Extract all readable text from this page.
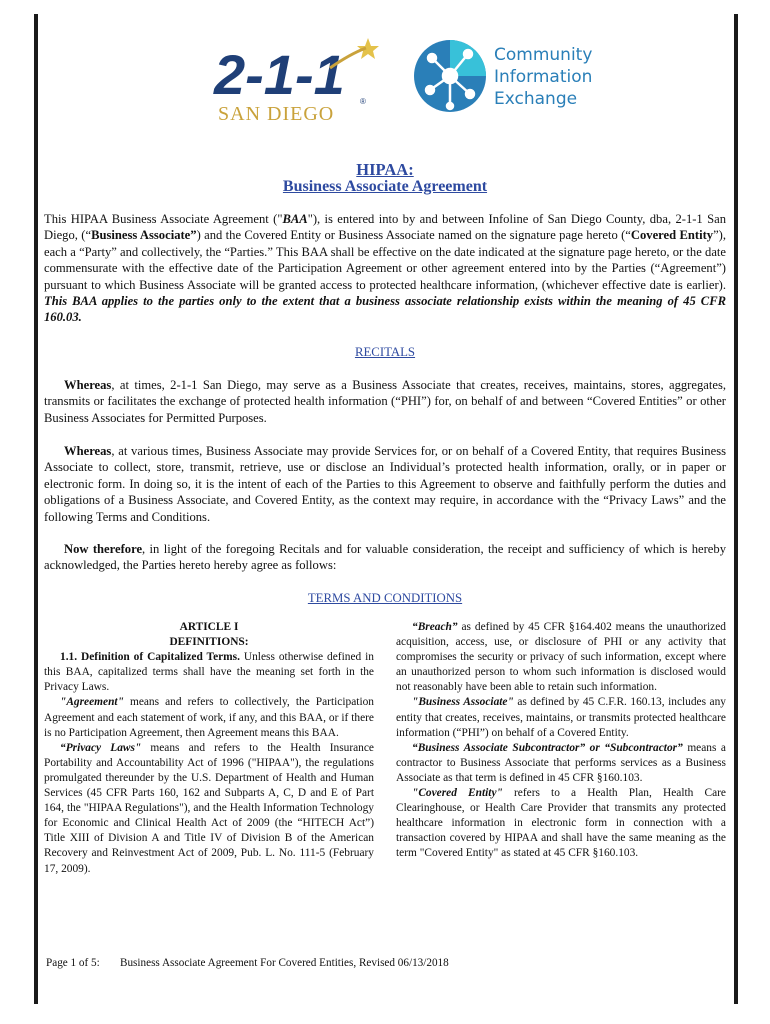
2-1-1
SAN DIEGO
®
Community
Information
Exchange
HIPAA:
Business Associate Agreement
This HIPAA Business Associate Agreement ("BAA"), is entered into by and between Infoline of San Diego County, dba, 2-1-1 San Diego, (“Business Associate”) and the Covered Entity or Business Associate named on the signature page hereto (“Covered Entity”), each a “Party” and collectively, the “Parties.” This BAA shall be effective on the date indicated at the signature page hereto, or the date commensurate with the effective date of the Participation Agreement or other agreement entered into by the Parties (“Agreement”) pursuant to which Business Associate will be granted access to protected healthcare information, (whichever effective date is earlier). This BAA applies to the parties only to the extent that a business associate relationship exists within the meaning of 45 CFR 160.03.
RECITALS
Whereas, at times, 2-1-1 San Diego, may serve as a Business Associate that creates, receives, maintains, stores, aggregates, transmits or facilitates the exchange of protected health information (“PHI”) for, on behalf of and between “Covered Entities” or other Business Associates for Permitted Purposes.
Whereas, at various times, Business Associate may provide Services for, or on behalf of a Covered Entity, that requires Business Associate to collect, store, transmit, retrieve, use or disclose an Individual’s protected health information, orally, or in paper or electronic form. In doing so, it is the intent of each of the Parties to this Agreement to observe and faithfully perform the duties and obligations of a Business Associate, and Covered Entity, as the context may require, in accordance with the “Privacy Laws” and the following Terms and Conditions.
Now therefore, in light of the foregoing Recitals and for valuable consideration, the receipt and sufficiency of which is hereby acknowledged, the Parties hereto hereby agree as follows:
TERMS AND CONDITIONS
ARTICLE I
DEFINITIONS:

1.1. Definition of Capitalized Terms. Unless otherwise defined in this BAA, capitalized terms shall have the meaning set forth in the Privacy Laws.

"Agreement" means and refers to collectively, the Participation Agreement and each statement of work, if any, and this BAA, or if there is no Participation Agreement, then Agreement means this BAA.

“Privacy Laws" means and refers to the Health Insurance Portability and Accountability Act of 1996 ("HIPAA"), the regulations promulgated thereunder by the U.S. Department of Health and Human Services (45 CFR Parts 160, 162 and Subparts A, C, D and E of Part 164, the "HIPAA Regulations"), and the Health Information Technology for Economic and Clinical Health Act of 2009 (the “HITECH Act”) Title XIII of Division A and Title IV of Division B of the American Recovery and Reinvestment Act of 2009, Pub. L. No. 111-5 (February 17, 2009).

“Breach” as defined by 45 CFR §164.402 means the unauthorized acquisition, access, use, or disclosure of PHI or any activity that compromises the security or privacy of such information, except where an unauthorized person to whom such information is disclosed would not reasonably have been able to retain such information.

"Business Associate" as defined by 45 C.F.R. 160.13, includes any entity that creates, receives, maintains, or transmits protected healthcare information (“PHI”) on behalf of a Covered Entity.

“Business Associate Subcontractor” or “Subcontractor” means a contractor to Business Associate that performs services as a Business Associate as that term is defined in 45 CFR §160.103.

"Covered Entity" refers to a Health Plan, Health Care Clearinghouse, or Health Care Provider that transmits any protected healthcare information in electronic form in connection with a transaction covered by HIPAA and shall have the same meaning as the term "Covered Entity" as stated at 45 CFR §160.103.

Page 1 of 5: Business Associate Agreement For Covered Entities, Revised 06/13/2018
